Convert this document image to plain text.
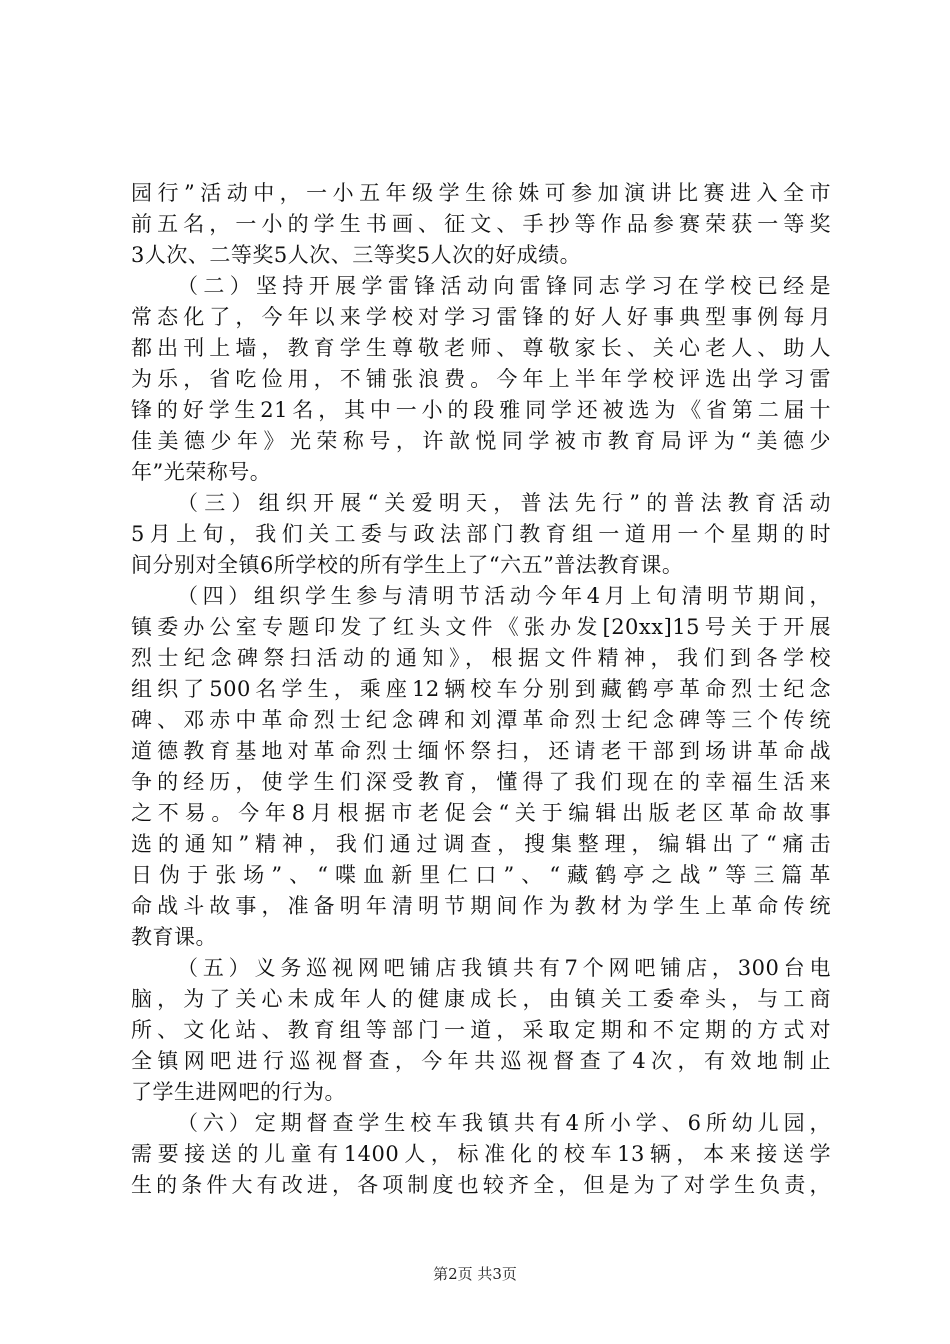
园行”活动中，一小五年级学生徐姝可参加演讲比赛进入全市
前五名，一小的学生书画、征文、手抄等作品参赛荣获一等奖
3人次、二等奖5人次、三等奖5人次的好成绩。
（二）坚持开展学雷锋活动向雷锋同志学习在学校已经是
常态化了，今年以来学校对学习雷锋的好人好事典型事例每月
都出刊上墙，教育学生尊敬老师、尊敬家长、关心老人、助人
为乐，省吃俭用，不铺张浪费。今年上半年学校评选出学习雷
锋的好学生21名，其中一小的段雅同学还被选为《省第二届十
佳美德少年》光荣称号，许歆悦同学被市教育局评为“美德少
年”光荣称号。
（三）组织开展“关爱明天，普法先行”的普法教育活动
5月上旬，我们关工委与政法部门教育组一道用一个星期的时
间分别对全镇6所学校的所有学生上了“六五”普法教育课。
（四）组织学生参与清明节活动今年4月上旬清明节期间，
镇委办公室专题印发了红头文件《张办发[20xx]15号关于开展
烈士纪念碑祭扫活动的通知》，根据文件精神，我们到各学校
组织了500名学生，乘座12辆校车分别到藏鹤亭革命烈士纪念
碑、邓赤中革命烈士纪念碑和刘潭革命烈士纪念碑等三个传统
道德教育基地对革命烈士缅怀祭扫，还请老干部到场讲革命战
争的经历，使学生们深受教育，懂得了我们现在的幸福生活来
之不易。今年8月根据市老促会“关于编辑出版老区革命故事
选的通知”精神，我们通过调查，搜集整理，编辑出了“痛击
日伪于张场”、“喋血新里仁口”、“藏鹤亭之战”等三篇革
命战斗故事，准备明年清明节期间作为教材为学生上革命传统
教育课。
（五）义务巡视网吧铺店我镇共有7个网吧铺店，300台电
脑，为了关心未成年人的健康成长，由镇关工委牵头，与工商
所、文化站、教育组等部门一道，采取定期和不定期的方式对
全镇网吧进行巡视督查，今年共巡视督查了4次，有效地制止
了学生进网吧的行为。
（六）定期督查学生校车我镇共有4所小学、6所幼儿园，
需要接送的儿童有1400人，标准化的校车13辆，本来接送学
生的条件大有改进，各项制度也较齐全，但是为了对学生负责，
第2页 共3页
